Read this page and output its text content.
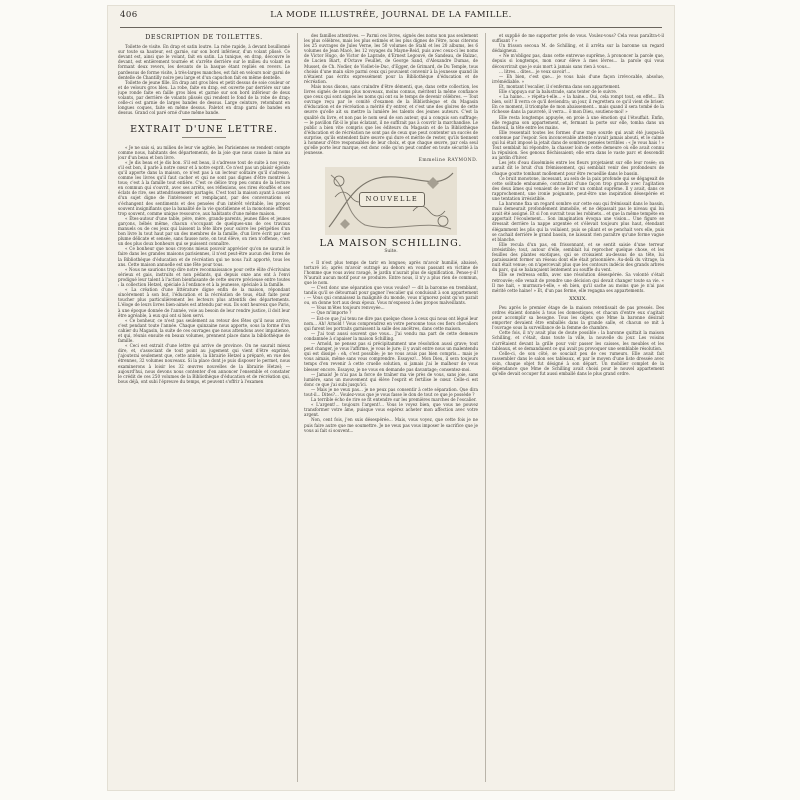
406	LA MODE ILLUSTRÉE, JOURNAL DE LA FAMILLE.
DESCRIPTION DE TOILETTES.

Toilette de visite. En drap et satin loutre. La robe rapide, à devant bouillonné sur toute sa hauteur, est garnie, sur son bord inférieur, d'un volant plissé. Ce devant est, ainsi que le volant, fait en satin. La tunique, en drap, découvre le devant, est entièrement tournée et s'arrête derrière sur le milieu du volant en formant deux revers, les devants de la basque étant repliés en revers. Le pardessus de forme visite, à très-larges manches, est fait en velours noir garni de dentelle de Chantilly noire peu large et d'un capuchon fait en même dentelle.

Toilette de jeune fille. En drap ant gros bleu et petit dessus de soie couleur or et de velours gros bleu. La robe, faite en drap, est ouverte par derrière sur une jupe ronde faite en faille gros bleu et garnie sur son bord inférieur de deux volants, par derrière de volants plissés qui rendent le fond de la robe de drap; celle-ci est garnie de larges bandes de dessus. Large ceinture, retombant en longues coques, faite en même dessus. Paletot en drap garni de bandes en dessus. Grand col paré orné d'une même bande.

EXTRAIT D'UNE LETTRE.

« Je ne sais si, au milieu de leur vie agitée, les Parisiennes se rendent compte comme nous, habitants des départements, de la joie que nous cause la mise au jour d'un beau et bon livre.

« Je dis beau et je dis bon. S'il est beau, il s'adresse tout de suite à nos yeux; s'il est bon, il parle à notre cœur et à notre esprit. Ce n'est pas un plaisir égoïste qu'il apporte dans la maison, ce n'est pas à un lecteur solitaire qu'il s'adresse, comme les livres qu'il faut cacher et qui ne sont pas dignes d'être montrés à tous; c'est à la famille tout entière. C'est ce délice trop peu connu de la lecture en commun qui s'ouvrit, avec ses arrêts, ses réflexions, ses rires étouffés et ses éclats de rire, ses attendrissements partagés. C'est tout la maison ayant à causer d'un sujet digne de l'intéresser et remplaçant, par des conversations où s'échangent des sentiments et des pensées d'un intérêt véritable, les propos souvent insignifiants que la banalité de la vie quotidienne et la monotonie offrent trop souvent, comme unique ressource, aux habitants d'une même maison.

« Êtes-autour d'une table, père, mère, grands-parents, jeunes filles et jeunes garçons, bébés même, chacun s'occupant de quelques-uns de ces travaux manuels ou de ces jeux qui laissent la tête libre pour suivre les péripéties d'un bon livre lu tout haut par un des membres de la famille, d'un livre écrit par une plume délicate et sensée, sans fausse note, on tout élève, on rien n'offense, c'est un des plus doux bonheurs qui se puissent connaître.

« Ce bonheur que nous croyons mieux pouvoir apprécier qu'on ne saurait le faire dans les grandes maisons parisiennes, il n'est peut-être aucun des livres de la Bibliothèque d'éducation et de récréation qui ne nous l'ait apporté, tous les ans. Cette maison annuelle est une fête pour tous.

« Nous ne saurions trop dire notre reconnaissance pour cette élite d'écrivains sérieux et gais, instruits et non pédants, qui depuis onze ans ont à l'envi prodigué leur talent à l'action bienfaisante de cette œuvre précieuse entre toutes : la collection Hetzel, spéciale à l'enfance et à la jeunesse, spéciale à la famille.

« La création d'une littérature digne enfin de la maison, répondant sincèrement à son but, l'éducation et la récréation de tous, était faite pour toucher plus particulièrement les lecteurs plus attentifs des départements. L'éloge de leurs livres bien-aimés est attendu par eux. Ils sont heureux que Paris, à une époque donnée de l'année, voie au besoin de leur rendre justice, il doit leur être agréable, à eux qui ont si bien servi.

« Ce bonheur, ce n'est pas seulement au retour des fêtes qu'il nous arrive, c'est pendant toute l'année. Chaque quinzaine nous apporte, sous la forme d'un cahier du Magasin, la suite de ces ouvrages que nous attendons avec impatience, et qui, réunis ensuite en beaux volumes, prennent place dans la bibliothèque de famille.

« Ceci est extrait d'une lettre qui arrive de province. On ne saurait mieux dire, et, s'associant de tout point au jugement qui vient d'être exprimé, j'ajouterai seulement que, cette année, la librairie Hetzel a préparé, en vue des étrennes, 32 volumes nouveaux. Si la place dont je puis disposer le permet, nous examinerons à loisir les 32 œuvres nouvelles de la librairie Hetzel; — aujourd'hui, nous devons nous contenter d'en annoncer l'ensemble et constater le crédit de ces 250 volumes de la Bibliothèque d'éducation et de récréation qui, bous déjà, ont subi l'épreuve du temps, et peuvent s'offrir à l'examen

des familles attentives. — Parmi ces livres, signés des noms non pas seulement les plus célèbres, mais les plus estimés et les plus dignes de l'être, nous citerons les 25 ouvrages de Jules Verne, les 50 volumes de Stahl et les 20 albums, les 6 volumes de Jean Macé, les 12 voyages du Mayne-Reid, puis avec ceux-ci les noms de Victor Hugo, de Victor de Laprade, d'Ernest Legouvé, de Sandeau, de Balzac, de Lucien Biart, d'Octave Feuillet, de George Sand, d'Alexandre Dumas, de Musset, de Ch. Nodier, de Viollet-le-Duc, d'Egger, de Grimard, de Du Temple, tous choisis d'une main sûre parmi ceux qui pouvaient convenir à la jeunesse quand ils n'étaient pas écrits expressément pour la Bibliothèque d'éducation et de récréation.

Mais nous disons, sans craindre d'être démenti, que, dans cette collection, les livres signés de noms plus nouveaux, moins connus, méritent la même confiance que ceux qui sont signés les noms qui ont su le temps de devenir célèbres. — Tout ouvrage reçu par le comité d'examen de la Bibliothèque et du Magasin d'éducation et de récréation a mérité d'y entrer, et c'est une des gloires de cette œuvre qu'elle ait su mettre la lumière les talents des jeunes auteurs. C'est la qualité du livre, et non pas le nom seul de son auteur, qui a conquis son suffrage; — le pavillon fût-il le plus éclatant, il ne suffirait pas à couvrir la marchandise. Le public a bien vite compris que les éditeurs du Magasin et de la Bibliothèque d'éducation et de récréation ne sont pas de ceux que peut contenter un succès de surprise, qu'ils entendent faire œuvre qui dure et mérite de rester, qu'ils tiennent à honneur d'être responsables de leur choix, et que chaque œuvre, par cela seul qu'elle porte leur marque, est donc celle qu'on peut confier en toute sécurité à la jeunesse.

Emmeline RAYMOND.
NOUVELLE
LA MAISON SCHILLING.
Suite.

« Il n'est plus temps de tarir en longues; après m'avoir humilié, abaissé, torturé ici; après m'avoir outragé au dehors en vous passant en victime de l'homme que vous aviez ravagé, le jardin n'aurait plus de signification. Pense-y-il! N'aurait aucun motif pour se produire. Entre nous, il n'y a plus rien de commun, que le nom.

— C'est donc une séparation que vous voulez? — dit la baronne en tremblant, tandis qu'il se détournait pour gagner l'escalier qui conduisait à son appartement : — Vous qui connaissez la malignité du monde, vous n'ignorez point qu'on parait ou, on donne tort aux deux époux. Vous m'exposez à des propos malveillants.

— Vous m'êtes toujours renvoyée...

— Que m'importe ?

— Est-ce que j'ai tenu ne dire pas quelque chose à ceux qui nous ont légué leur nom... Ah! Arnold ! Vous comprendrez en votre personne tous ces fiers chevaliers qui furent les portraits garnissent la salle des ancêtres, dans cette maison.

— J'ai tout aussi souvent que vous... J'ai vendu ma part de cette demeure condamnée à s'apaiser la maison Schilling.

— Arnold, ne pensez pas si précipitamment une résolution aussi grave; tout peut changer, je vous l'affirme, je vous le jure; il y avait entre nous un malentendu qui est dissipé : eh, c'est possible; je ne vous avais pas bien compris... mais je vous aimais, même sans vous comprendre. Essayez!... Mon Dieu, il sera toujours temps d'en revenir à cette cruelle solution, si jamais j'ai le malheur de vous blesser encore. Essayez, je ne vous en demande pas davantage; consentez-moi.

— Jamais! Je n'ai pas la force de traîner ma vie près de vous, sans joie, sans lumière, sans un mouvement qui élève l'esprit et fertilise le cœur. Celle-ci est donc ce que j'ai subi jusqu'ici.

— Mais je ne veux pas... je ne peux pas consentir à cette séparation. Que dira tout-il... Dites?... Voulez-vous que je vous fasse le don de tout ce que je possède ?

La terrible écho de rire se fit entendre sur les premières marches de l'escalier.

« L'argent!... toujours l'argent!... Vous le voyez bien, que vous ne pouvez transformer votre âme, puisque vous espérez acheter mon affection avec votre argent.

Non, cent fois, j'en suis désespérée... Mais, vous voyez, que cette fois je ne puis faire autre que me soumettre. Je ne veux pas vous imposer le sacrifice que je vous ai fait si souvent...

et supplié de me supporter près de vous. Voulez-vous? Cela vous paraîtra-t-il suffisant ? »

Un frisson secoua M. de Schilling, et il arrêta sur la baronne un regard dédaigneux.

« Ne m'obligez pas, dans cette entrevue suprême, à prononcer la parole que, depuis si longtemps, mon cœur élève à mes lèvres... la parole qui vous découvrirait que je suis mort à jamais sans rien à vous...

... litres... dites... je veux savoir!...

— Eh bien, c'est que... je vous hais d'une façon irrévocable, absolue, irrémédiable. »

Et, montant l'escalier, il s'enferma dans son appartement.

Elle s'appuya sur la balustrade, sans tenter de le suivre.

« La haine... » répéta-t-elle... « la haine... Oui, cela rompt tout, en effet... Eh bien, soit! Il verra ce qu'il deviendra; un jour, il regrettera ce qu'il vient de briser. En ce moment, il triomphe de mon abaissement... mais quand il sera tombé de la richesse dans la pauvreté, il verra... ô mon Dieu, soutiens-moi! »

Elle resta longtemps appuyée, en proie à une émotion qui l'étouffait. Enfin, elle regagna son appartement, et, fermant la porte sur elle, tomba dans un fauteuil, la tête entre les mains.

Elle ressentait toutes les formes d'une rage sourde qui avait été jusque-là contenue par l'espoir. Son inconcevable attente n'avait jamais abouti, et le calme qui lui était imposé la jetait dans de sombres pensées terribles : « Je vous hais ! » Tout semblait lui répondre, la chasser loin de cette demeure où elle avait connu la répulsion. Ses genoux fléchissaient; elle erra dans le vaste parc et descendit au jardin d'hiver.

Les jets d'eau disséminés entre les fleurs projetaient sur elle leur rosée; on aurait dit le bruit d'un frémissement, qui semblait venir des profondeurs de chaque goutte tombant mollement pour être recueillie dans le bassin.

Ce bruit monotone, incessant, au sein de la paix profonde qui se dégageait de cette solitude embaumée, contrastait d'une façon trop grande avec l'agitation des deux âmes qui venaient de se livrer un combat suprême. Il y avait, dans ce rapprochement, une ironie poignante, peut-être une inspiration désespérée et une tentation irrésistible.

La baronne fixa un regard sombre sur cette eau qui frémissait dans le bassin, mais demeurait profondément immobile, et ne dépassait pas le niveau qui lui avait été assigné. Et si l'on ouvrait tous les robinets... et que la même tempête en apportait l'écoulement... Son imagination évoqua une vision... Une figure se dressait derrière la nappe argentée et s'élevait toujours plus haut, étendant élégamment les plis qui la voilaient, puis se pliant et se penchait vers elle, puis se cachait derrière le grand bassin, ne laissant rien paraître qu'une forme vague et blanche.

Elle recula d'un pas, en frissonnant, et se sentit saisie d'une terreur irrésistible; tout, autour d'elle, semblait lui reprocher quelque chose, et les feuilles des plantes exotiques, qui se croisaient au-dessus de sa tête, lui paraissaient former un réseau dont elle était prisonnière. Au-delà du vitrage, la nuit était venue; on n'apercevait plus que les contours indécis des grands arbres du parc, qui se balançaient lentement au souffle du vent.

Elle se redressa enfin, avec une résolution désespérée. Sa volonté s'était retrouvée; elle venait de prendre une décision qui devait changer toute sa vie. « Il me hait, » murmura-t-elle, « eh bien, qu'il sache au moins que je n'ai pas mérité cette haine! » Et, d'un pas ferme, elle regagna ses appartements.

XXXIX.

Peu après le premier étage de la maison retentissait de pas pressés. Des ordres étaient donnés à tous les domestiques, et chacun d'entre eux s'agitait pour accomplir sa besogne. Tous les objets que Mme la baronne désirait emporter devaient être emballés dans la grande salle, et chacun se mit à l'ouvrage sous la surveillance de la femme de chambre.

Cette fois, il n'y avait plus de doute possible : la baronne quittait la maison Schilling, et c'était, dans toute la ville, la nouvelle du jour. Les voisins s'arrêtaient devant la grille pour voir passer les caisses, les meubles et les tableaux, et se demandaient ce qui avait pu provoquer une semblable résolution.

Celle-ci, de son côté, se souciait peu de ces rumeurs. Elle avait fait rassembler dans le salon ses tableaux, et par le moyen d'une liste dressée avec soin, chaque objet fut désigné à son départ. Un mobilier complet de la dépendance que Mme de Schilling avait choisi pour le nouvel appartement qu'elle devait occuper fut aussi emballé dans le plus grand ordre.
